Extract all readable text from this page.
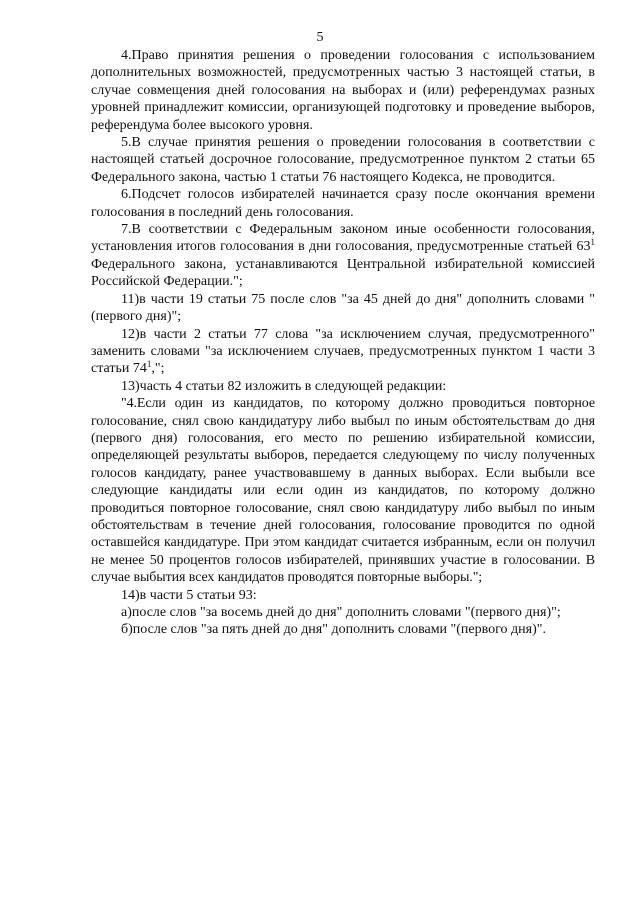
5

4.Право принятия решения о проведении голосования с использованием дополнительных возможностей, предусмотренных частью 3 настоящей статьи, в случае совмещения дней голосования на выборах и (или) референдумах разных уровней принадлежит комиссии, организующей подготовку и проведение выборов, референдума более высокого уровня.

5.В случае принятия решения о проведении голосования в соответствии с настоящей статьей досрочное голосование, предусмотренное пунктом 2 статьи 65 Федерального закона, частью 1 статьи 76 настоящего Кодекса, не проводится.

6.Подсчет голосов избирателей начинается сразу после окончания времени голосования в последний день голосования.

7.В соответствии с Федеральным законом иные особенности голосования, установления итогов голосования в дни голосования, предусмотренные статьей $63^1$ Федерального закона, устанавливаются Центральной избирательной комиссией Российской Федерации.";

11)в части 19 статьи 75 после слов "за 45 дней до дня" дополнить словами "(первого дня)";

12)в части 2 статьи 77 слова "за исключением случая, предусмотренного" заменить словами "за исключением случаев, предусмотренных пунктом 1 части 3 статьи $74^1$,";

13)часть 4 статьи 82 изложить в следующей редакции:

"4.Если один из кандидатов, по которому должно проводиться повторное голосование, снял свою кандидатуру либо выбыл по иным обстоятельствам до дня (первого дня) голосования, его место по решению избирательной комиссии, определяющей результаты выборов, передается следующему по числу полученных голосов кандидату, ранее участвовавшему в данных выборах. Если выбыли все следующие кандидаты или если один из кандидатов, по которому должно проводиться повторное голосование, снял свою кандидатуру либо выбыл по иным обстоятельствам в течение дней голосования, голосование проводится по одной оставшейся кандидатуре. При этом кандидат считается избранным, если он получил не менее 50 процентов голосов избирателей, принявших участие в голосовании. В случае выбытия всех кандидатов проводятся повторные выборы.";

14)в части 5 статьи 93:

а)после слов "за восемь дней до дня" дополнить словами "(первого дня)";

б)после слов "за пять дней до дня" дополнить словами "(первого дня)".
